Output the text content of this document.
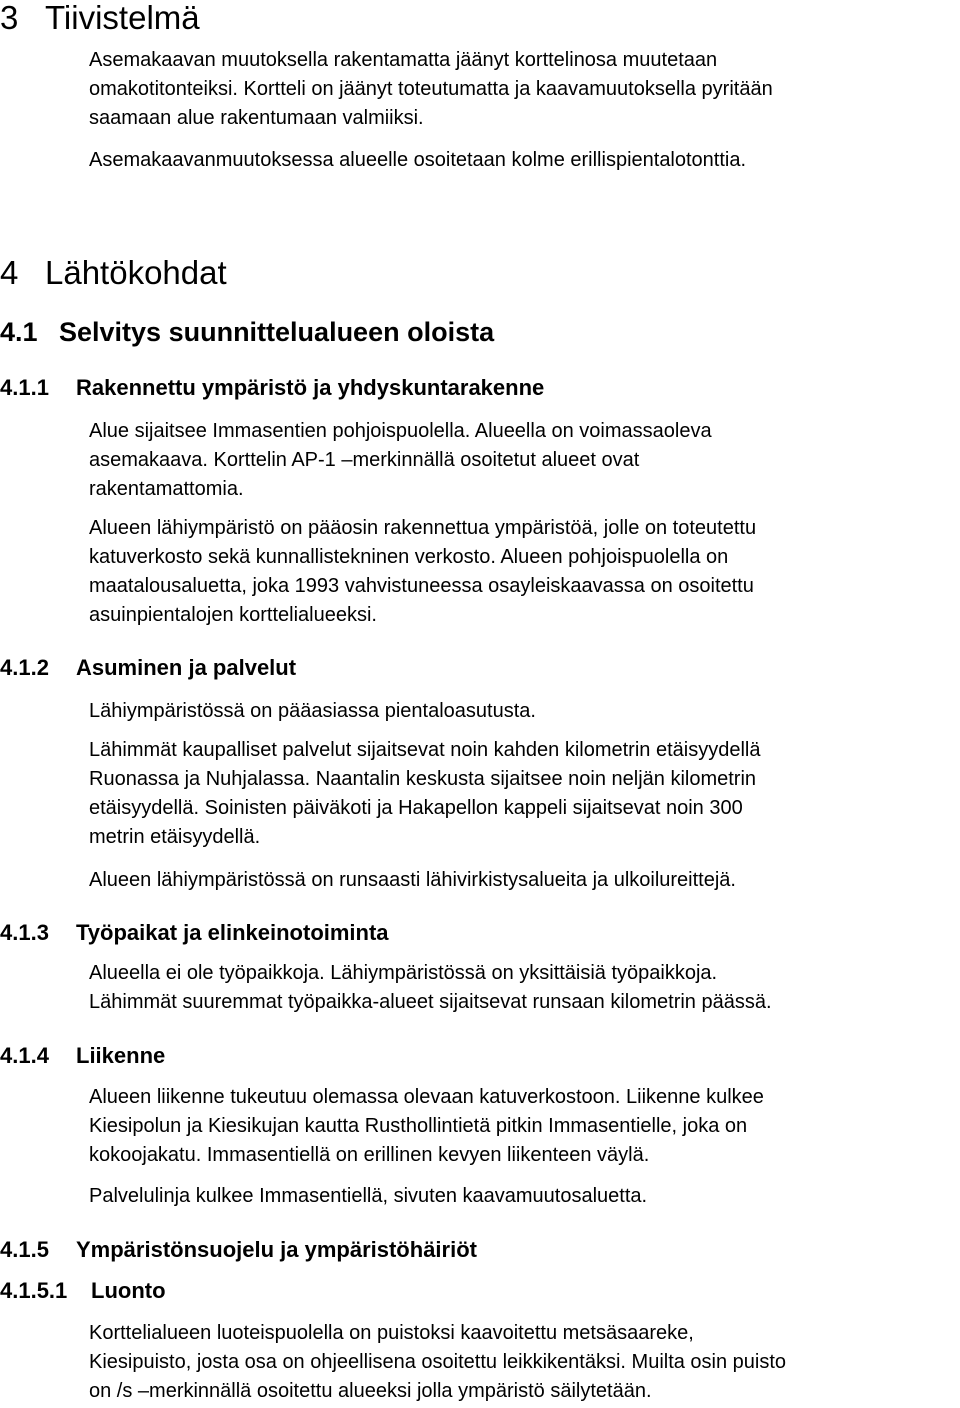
3 Tiivistelmä
Asemakaavan muutoksella rakentamatta jäänyt korttelinosa muutetaan
omakotitonteiksi. Kortteli on jäänyt toteutumatta ja kaavamuutoksella pyritään
saamaan alue rakentumaan valmiiksi.
Asemakaavanmuutoksessa alueelle osoitetaan kolme erillispientalotonttia.
4 Lähtökohdat
4.1 Selvitys suunnittelualueen oloista
4.1.1 Rakennettu ympäristö ja yhdyskuntarakenne
Alue sijaitsee Immasentien pohjoispuolella. Alueella on voimassaoleva
asemakaava. Korttelin AP-1 –merkinnällä osoitetut alueet ovat
rakentamattomia.
Alueen lähiympäristö on pääosin rakennettua ympäristöä, jolle on toteutettu
katuverkosto sekä kunnallistekninen verkosto. Alueen pohjoispuolella on
maatalousaluetta, joka 1993 vahvistuneessa osayleiskaavassa on osoitettu
asuinpientalojen korttelialueeksi.
4.1.2 Asuminen ja palvelut
Lähiympäristössä on pääasiassa pientaloasutusta.
Lähimmät kaupalliset palvelut sijaitsevat noin kahden kilometrin etäisyydellä
Ruonassa ja Nuhjalassa. Naantalin keskusta sijaitsee noin neljän kilometrin
etäisyydellä. Soinisten päiväkoti ja Hakapellon kappeli sijaitsevat noin 300
metrin etäisyydellä.
Alueen lähiympäristössä on runsaasti lähivirkistysalueita ja ulkoilureittejä.
4.1.3 Työpaikat ja elinkeinotoiminta
Alueella ei ole työpaikkoja. Lähiympäristössä on yksittäisiä työpaikkoja.
Lähimmät suuremmat työpaikka-alueet sijaitsevat runsaan kilometrin päässä.
4.1.4 Liikenne
Alueen liikenne tukeutuu olemassa olevaan katuverkostoon. Liikenne kulkee
Kiesipolun ja Kiesikujan kautta Rusthollintietä pitkin Immasentielle, joka on
kokoojakatu. Immasentiellä on erillinen kevyen liikenteen väylä.
Palvelulinja kulkee Immasentiellä, sivuten kaavamuutosaluetta.
4.1.5 Ympäristönsuojelu ja ympäristöhäiriöt
4.1.5.1 Luonto
Korttelialueen luoteispuolella on puistoksi kaavoitettu metsäsaareke,
Kiesipuisto, josta osa on ohjeellisena osoitettu leikkikentäksi. Muilta osin puisto
on /s –merkinnällä osoitettu alueeksi jolla ympäristö säilytetään.
